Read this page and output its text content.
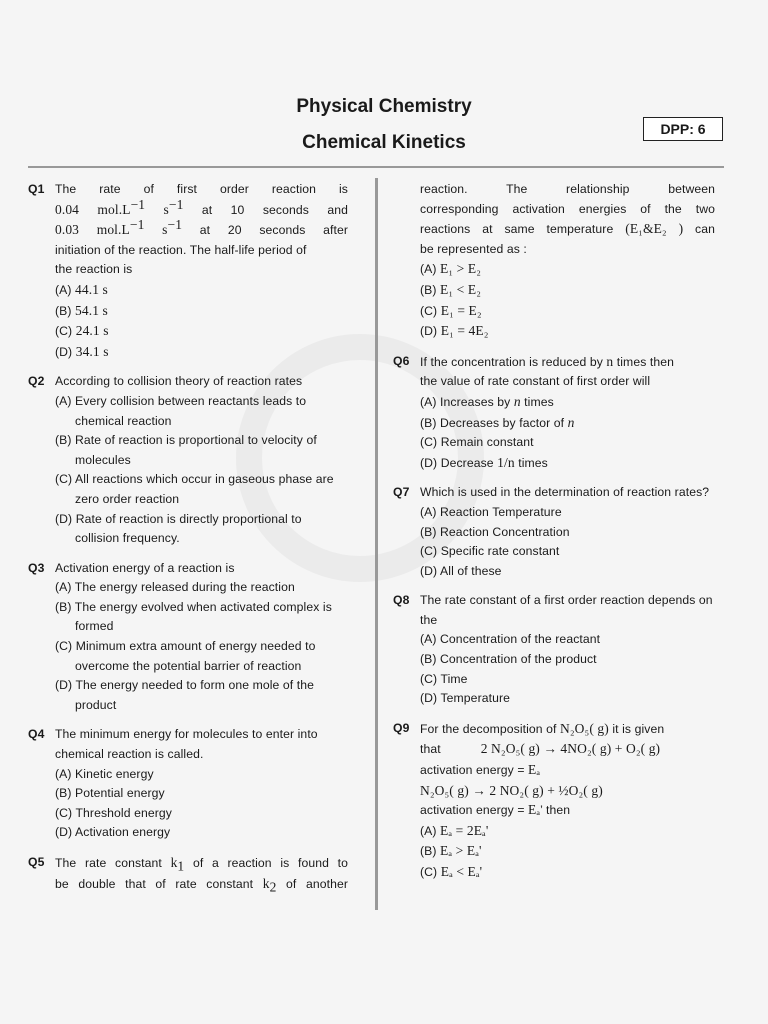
Physical Chemistry
Chemical Kinetics
DPP: 6
Q1 The rate of first order reaction is
0.04 $mol.L^{-1}$ $s^{-1}$ at 10 seconds and
0.03 $mol.L^{-1}$ $s^{-1}$ at 20 seconds after
initiation of the reaction. The half-life period of
the reaction is
(A) 44.1 s
(B) 54.1 s
(C) 24.1 s
(D) 34.1 s
Q2 According to collision theory of reaction rates
(A) Every collision between reactants leads to chemical reaction
(B) Rate of reaction is proportional to velocity of molecules
(C) All reactions which occur in gaseous phase are zero order reaction
(D) Rate of reaction is directly proportional to collision frequency.
Q3 Activation energy of a reaction is
(A) The energy released during the reaction
(B) The energy evolved when activated complex is formed
(C) Minimum extra amount of energy needed to overcome the potential barrier of reaction
(D) The energy needed to form one mole of the product
Q4 The minimum energy for molecules to enter into chemical reaction is called.
(A) Kinetic energy
(B) Potential energy
(C) Threshold energy
(D) Activation energy
Q5 The rate constant $k_1$ of a reaction is found to
be double that of rate constant $k_2$ of another
reaction. The relationship between
corresponding activation energies of the two
reactions at same temperature (E₁&E₂ ) can
be represented as :
(A) E₁ > E₂
(B) E₁ < E₂
(C) E₁ = E₂
(D) E₁ = 4E₂
Q6 If the concentration is reduced by n times then
the value of rate constant of first order will
(A) Increases by n times
(B) Decreases by factor of n
(C) Remain constant
(D) Decrease 1/n times
Q7 Which is used in the determination of reaction rates?
(A) Reaction Temperature
(B) Reaction Concentration
(C) Specific rate constant
(D) All of these
Q8 The rate constant of a first order reaction depends on the
(A) Concentration of the reactant
(B) Concentration of the product
(C) Time
(D) Temperature
Q9 For the decomposition of N₂O₅( g) it is given
that	2 N₂O₅( g) → 4NO₂( g) + O₂( g)
activation energy = Eₐ
N₂O₅( g) → 2 NO₂( g) + ½O₂( g)
activation energy = Eₐ’ then
(A) Eₐ = 2Eₐ'
(B) Eₐ > Eₐ'
(C) Eₐ < Eₐ'
